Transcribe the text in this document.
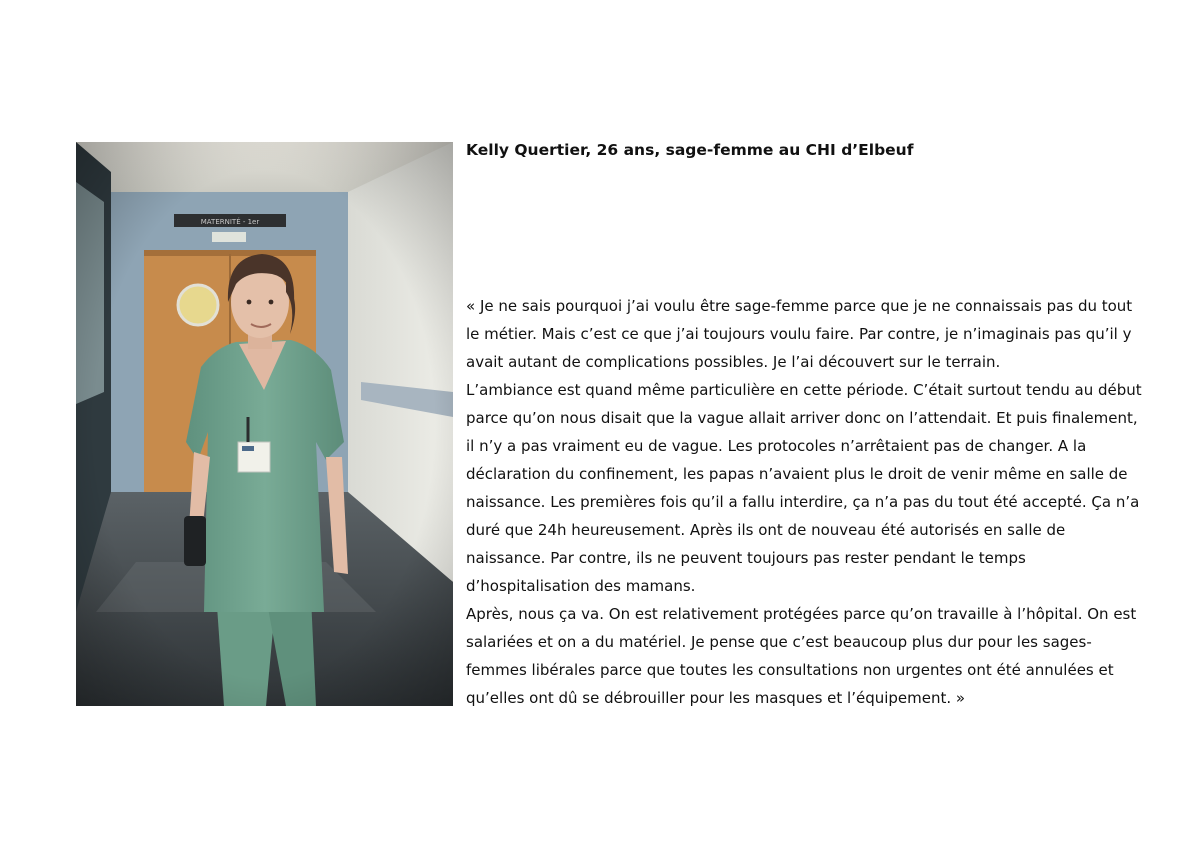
Kelly Quertier, 26 ans, sage-femme au CHI d’Elbeuf

« Je ne sais pourquoi j’ai voulu être sage-femme parce que je ne connaissais pas du tout
le métier. Mais c’est ce que j’ai toujours voulu faire. Par contre, je n’imaginais pas qu’il y
avait autant de complications possibles. Je l’ai découvert sur le terrain.
L’ambiance est quand même particulière en cette période. C’était surtout tendu au début
parce qu’on nous disait que la vague allait arriver donc on l’attendait. Et puis finalement,
il n’y a pas vraiment eu de vague. Les protocoles n’arrêtaient pas de changer. A la
déclaration du confinement, les papas n’avaient plus le droit de venir même en salle de
naissance. Les premières fois qu’il a fallu interdire, ça n’a pas du tout été accepté. Ça n’a
duré que 24h heureusement. Après ils ont de nouveau été autorisés en salle de
naissance. Par contre, ils ne peuvent toujours pas rester pendant le temps
d’hospitalisation des mamans.
Après, nous ça va. On est relativement protégées parce qu’on travaille à l’hôpital. On est
salariées et on a du matériel. Je pense que c’est beaucoup plus dur pour les sages-
femmes libérales parce que toutes les consultations non urgentes ont été annulées et
qu’elles ont dû se débrouiller pour les masques et l’équipement. »
